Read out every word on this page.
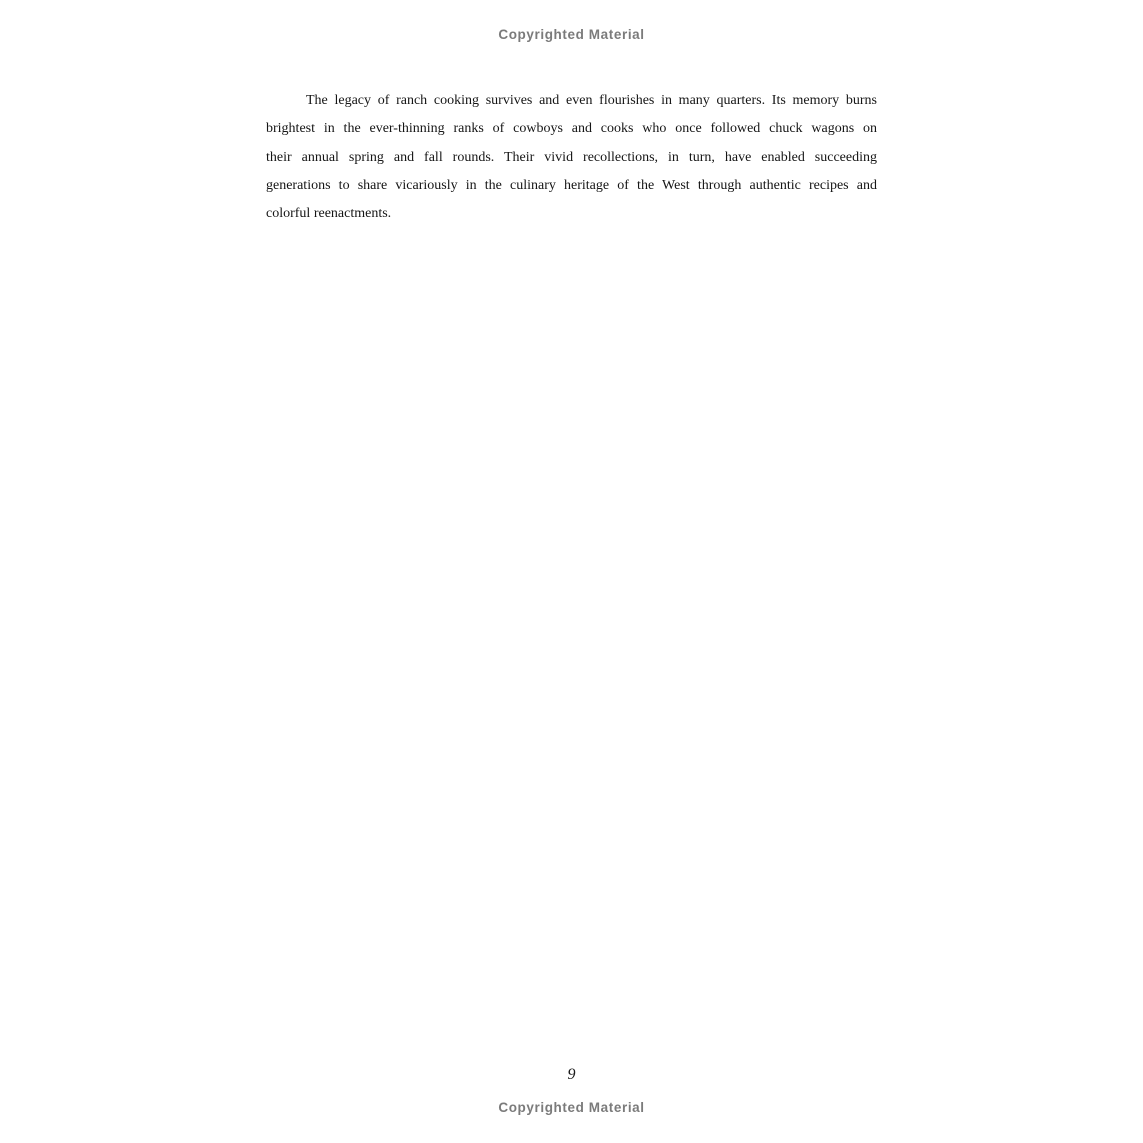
Copyrighted Material
The legacy of ranch cooking survives and even flourishes in many quarters. Its memory burns
brightest in the ever-thinning ranks of cowboys and cooks who once followed chuck wagons on
their annual spring and fall rounds. Their vivid recollections, in turn, have enabled succeeding
generations to share vicariously in the culinary heritage of the West through authentic recipes and
colorful reenactments.
9
Copyrighted Material
